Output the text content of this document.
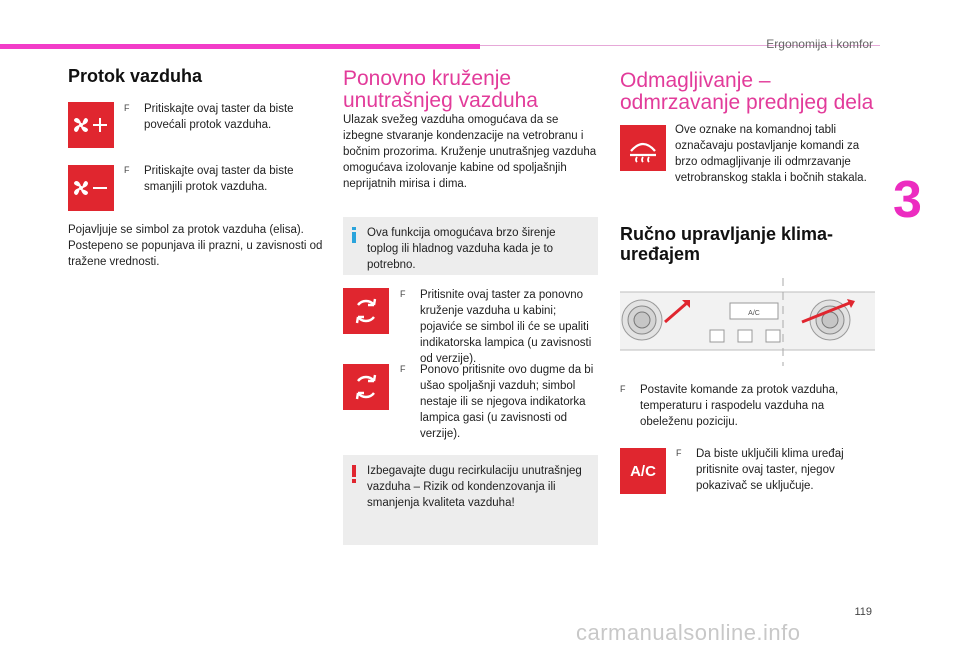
Ergonomija i komfor
3
Protok vazduha
F	Pritiskajte ovaj taster da biste povećali protok vazduha.
F	Pritiskajte ovaj taster da biste smanjili protok vazduha.
Pojavljuje se simbol za protok vazduha (elisa). Postepeno se popunjava ili prazni, u zavisnosti od tražene vrednosti.
Ponovno kruženje
unutrašnjeg vazduha
Ulazak svežeg vazduha omogućava da se izbegne stvaranje kondenzacije na vetrobranu i bočnim prozorima. Kruženje unutrašnjeg vazduha omogućava izolovanje kabine od spoljašnjih neprijatnih mirisa i dima.
Ova funkcija omogućava brzo širenje toplog ili hladnog vazduha kada je to potrebno.
F	Pritisnite ovaj taster za ponovno kruženje vazduha u kabini; pojaviće se simbol ili će se upaliti indikatorska lampica (u zavisnosti od verzije).
F	Ponovo pritisnite ovo dugme da bi ušao spoljašnji vazduh; simbol nestaje ili se njegova indikatorka lampica gasi (u zavisnosti od verzije).
Izbegavajte dugu recirkulaciju unutrašnjeg vazduha – Rizik od kondenzovanja ili smanjenja kvaliteta vazduha!
Odmagljivanje –
odmrzavanje prednjeg dela
Ove oznake na komandnoj tabli označavaju postavljanje komandi za brzo odmagljivanje ili odmrzavanje vetrobranskog stakla i bočnih stakala.
Ručno upravljanje klima-
uređajem
A/C
F	Postavite komande za protok vazduha, temperaturu i raspodelu vazduha na obeleženu poziciju.
A/C
F	Da biste uključili klima uređaj pritisnite ovaj taster, njegov pokazivač se uključuje.
119
carmanualsonline.info
